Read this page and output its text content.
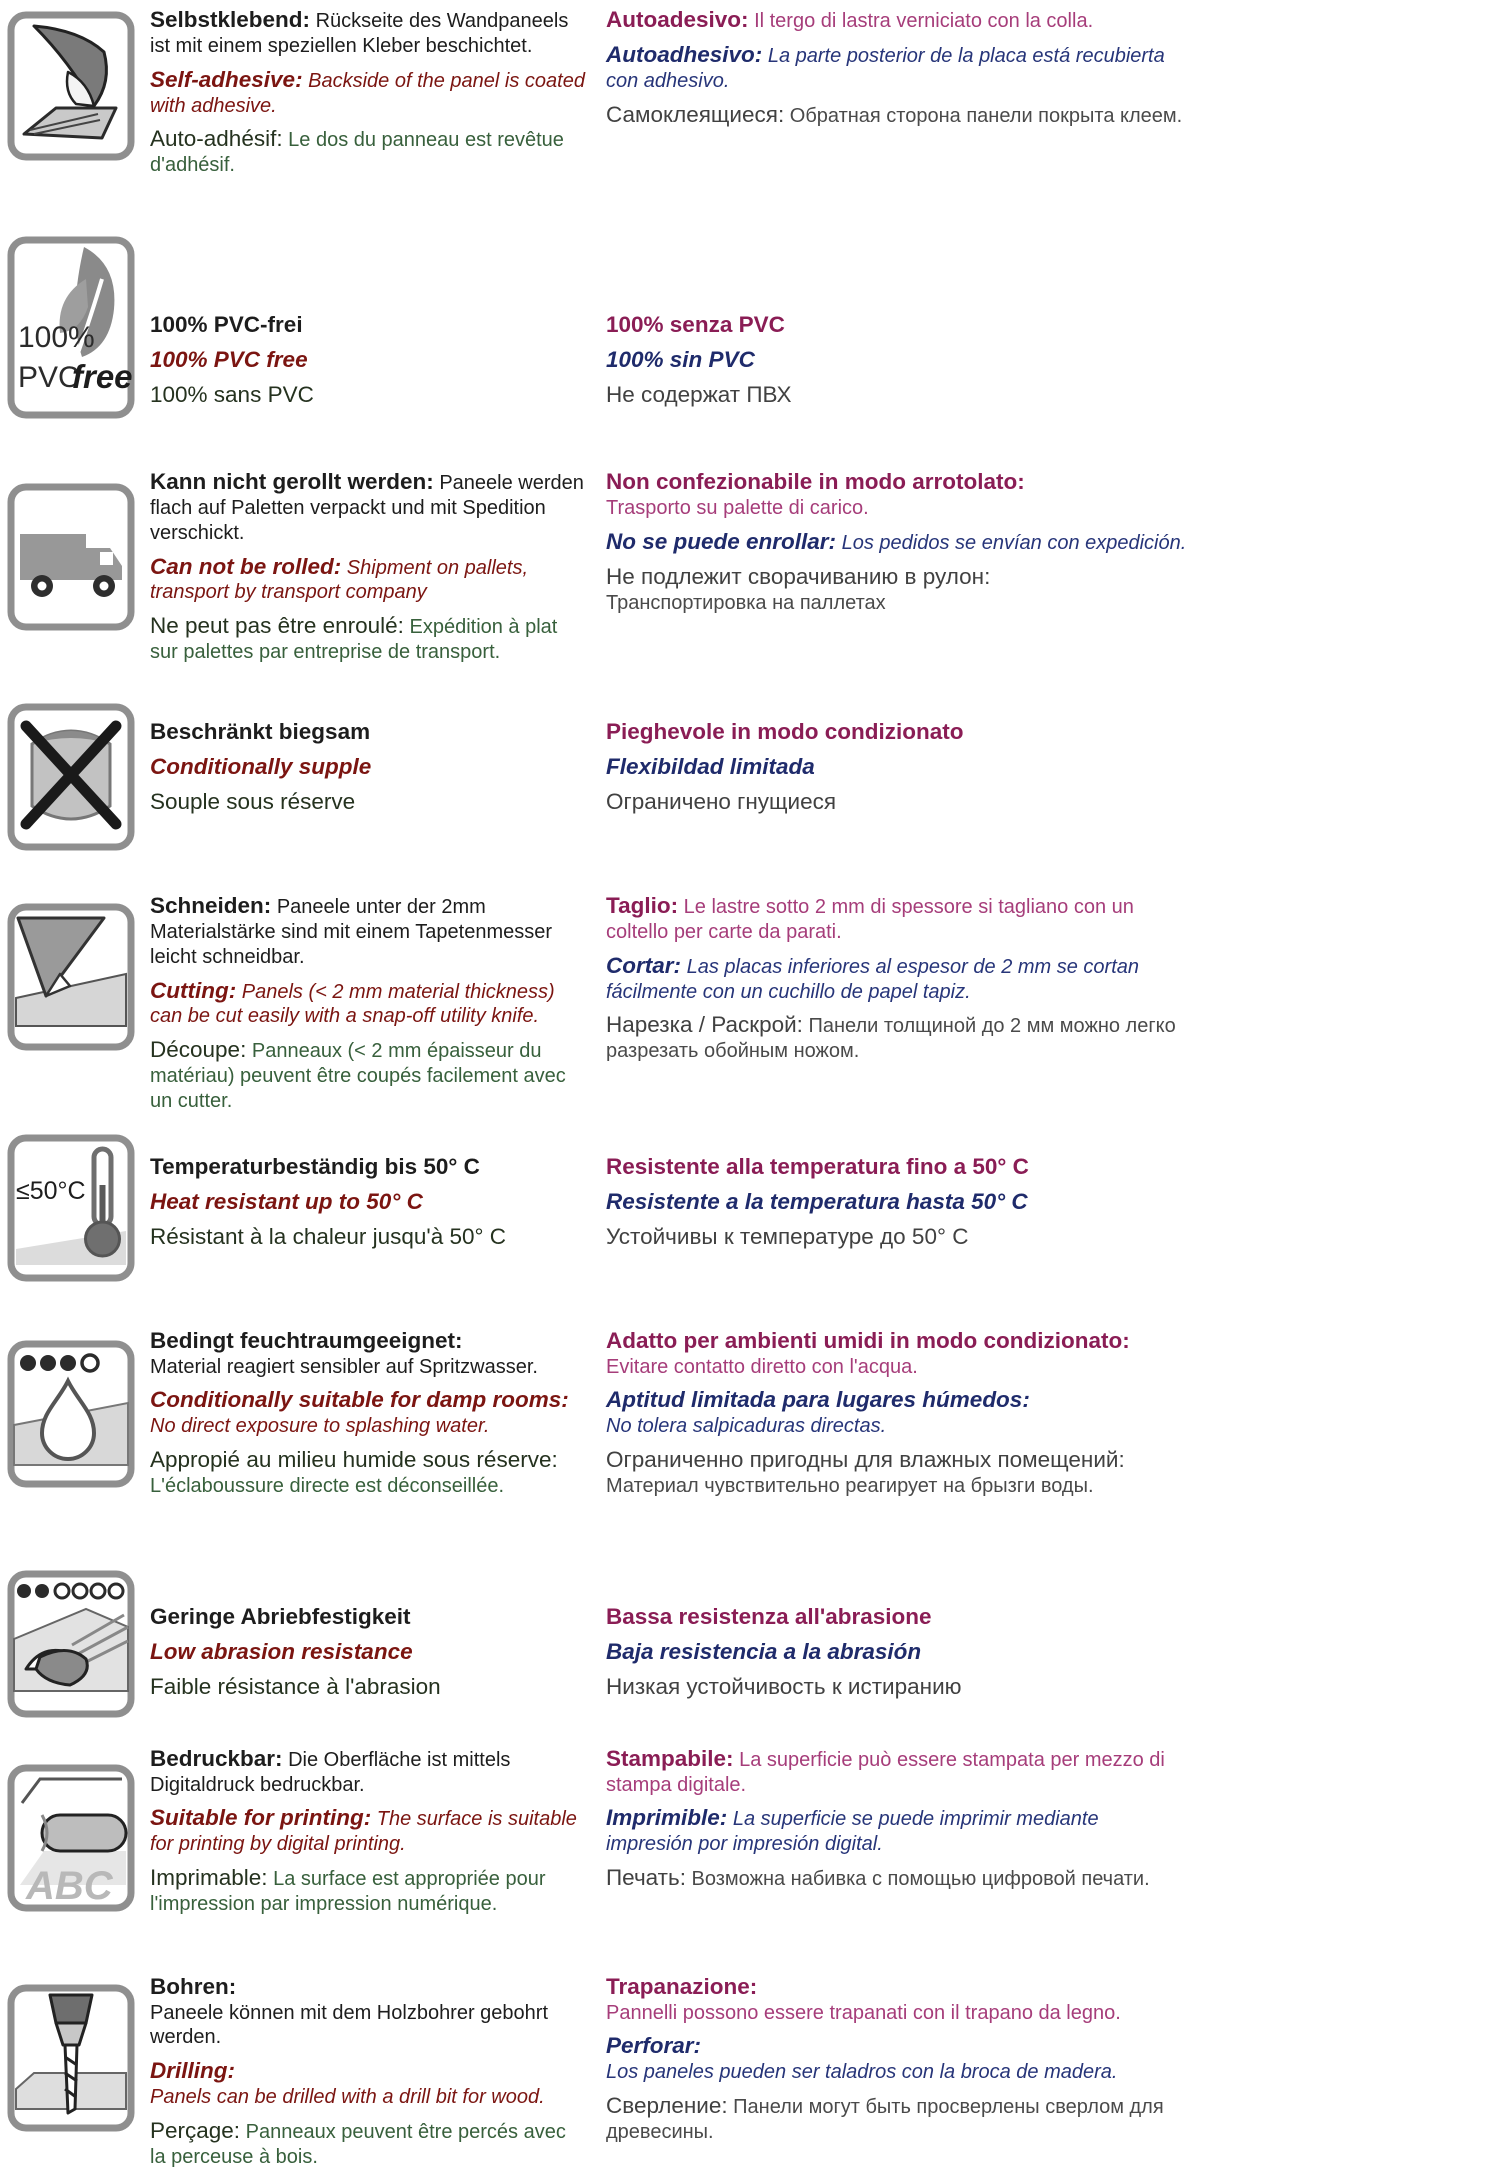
Selbstklebend: Rückseite des Wandpaneels ist mit einem speziellen Kleber beschichtet.

Self-adhesive: Backside of the panel is coated with adhesive.

Auto-adhésif: Le dos du panneau est revêtue d'adhésif.

Autoadesivo: Il tergo di lastra verniciato con la colla.

Autoadhesivo: La parte posterior de la placa está recubierta con adhesivo.

Самоклеящиеся: Обратная сторона панели покрыта клеем.

100%
PVC
free

100% PVC-frei

100% PVC free

100% sans PVC

100% senza PVC

100% sin PVC

Не содержат ПВХ

Kann nicht gerollt werden: Paneele werden flach auf Paletten verpackt und mit Spedition verschickt.

Can not be rolled: Shipment on pallets, transport by transport company

Ne peut pas être enroulé: Expédition à plat sur palettes par entreprise de transport.

Non confezionabile in modo arrotolato:
Trasporto su palette di carico.

No se puede enrollar: Los pedidos se envían con expedición.

Не подлежит сворачиванию в рулон:
Транспортировка на паллетах

Beschränkt biegsam

Conditionally supple

Souple sous réserve

Pieghevole in modo condizionato

Flexibildad limitada

Ограничено гнущиеся

Schneiden: Paneele unter der 2mm Materialstärke sind mit einem Tapetenmesser leicht schneidbar.

Cutting: Panels (< 2 mm material thickness) can be cut easily with a snap-off utility knife.

Découpe: Panneaux (< 2 mm épaisseur du matériau) peuvent être coupés facilement avec un cutter.

Taglio: Le lastre sotto 2 mm di spessore si tagliano con un coltello per carte da parati.

Cortar: Las placas inferiores al espesor de 2 mm se cortan fácilmente con un cuchillo de papel tapiz.

Нарезка / Раскрой: Панели толщиной до 2 мм можно легко разрезать обойным ножом.

≤50°C

Temperaturbeständig bis 50° C

Heat resistant up to 50° C

Résistant à la chaleur jusqu'à 50° C

Resistente alla temperatura fino a 50° C

Resistente a la temperatura hasta 50° C

Устойчивы к температуре до 50° C

Bedingt feuchtraumgeeignet:
Material reagiert sensibler auf Spritzwasser.

Conditionally suitable for damp rooms:
No direct exposure to splashing water.

Appropié au milieu humide sous réserve:
L'éclaboussure directe est déconseillée.

Adatto per ambienti umidi in modo condizionato:
Evitare contatto diretto con l'acqua.

Aptitud limitada para lugares húmedos:
No tolera salpicaduras directas.

Ограниченно пригодны для влажных помещений:
Материал чувствительно реагирует на брызги воды.

Geringe Abriebfestigkeit

Low abrasion resistance

Faible résistance à l'abrasion

Bassa resistenza all'abrasione

Baja resistencia a la abrasión

Низкая устойчивость к истиранию

ABC

Bedruckbar: Die Oberfläche ist mittels Digitaldruck bedruckbar.

Suitable for printing: The surface is suitable for printing by digital printing.

Imprimable: La surface est appropriée pour l'impression par impression numérique.

Stampabile: La superficie può essere stampata per mezzo di stampa digitale.

Imprimible: La superficie se puede imprimir mediante impresión por impresión digital.

Печать: Возможна набивка с помощью цифровой печати.

Bohren:
Paneele können mit dem Holzbohrer gebohrt werden.

Drilling:
Panels can be drilled with a drill bit for wood.

Perçage: Panneaux peuvent être percés avec la perceuse à bois.

Trapanazione:
Pannelli possono essere trapanati con il trapano da legno.

Perforar:
Los paneles pueden ser taladros con la broca de madera.

Сверление: Панели могут быть просверлены сверлом для древесины.
